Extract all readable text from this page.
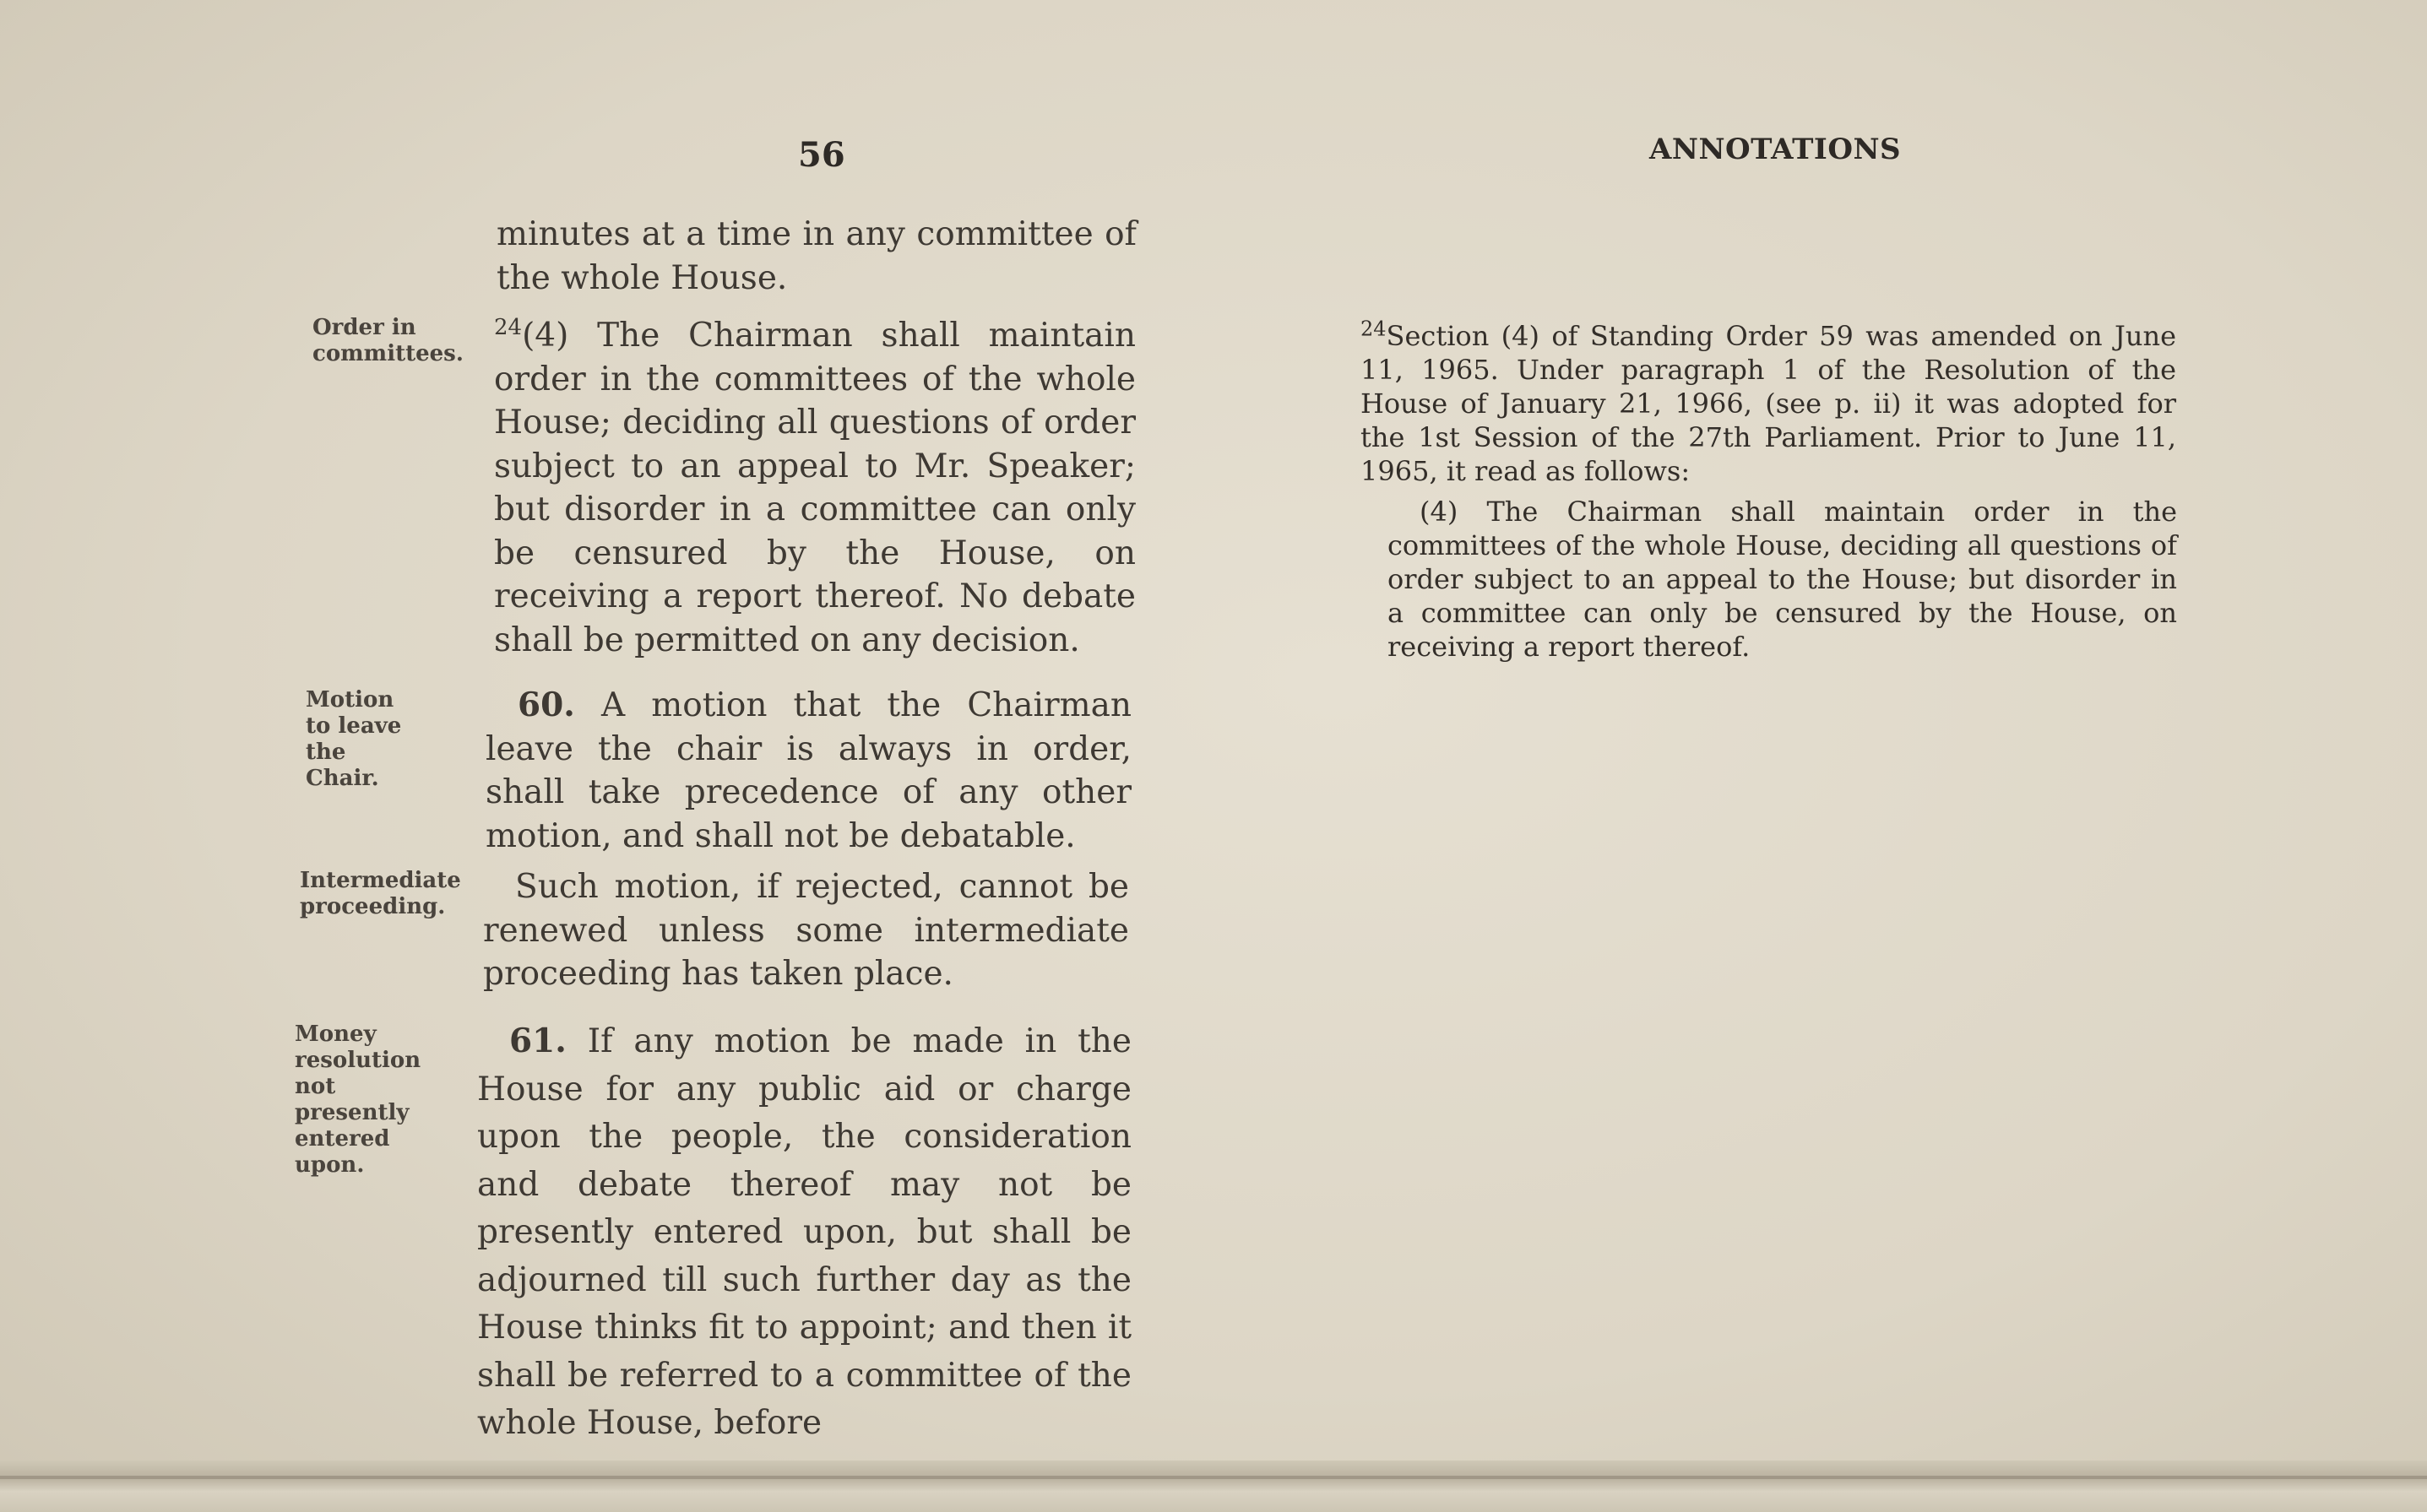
56	ANNOTATIONS
Order in committees.
Motion to leave the Chair.
Intermediate proceeding.
Money resolution not presently entered upon.

minutes at a time in any committee of the whole House.

$^{24}$(4) The Chairman shall maintain order in the committees of the whole House; deciding all questions of order subject to an appeal to Mr. Speaker; but disorder in a committee can only be censured by the House, on receiving a report thereof. No debate shall be permitted on any decision.

60. A motion that the Chairman leave the chair is always in order, shall take precedence of any other motion, and shall not be debatable.

Such motion, if rejected, cannot be renewed unless some intermediate proceeding has taken place.

61. If any motion be made in the House for any public aid or charge upon the people, the consideration and debate thereof may not be presently entered upon, but shall be adjourned till such further day as the House thinks fit to appoint; and then it shall be referred to a committee of the whole House, before

$^{24}$Section (4) of Standing Order 59 was amended on June 11, 1965. Under paragraph 1 of the Resolution of the House of January 21, 1966, (see p. ii) it was adopted for the 1st Session of the 27th Parliament. Prior to June 11, 1965, it read as follows:
(4) The Chairman shall maintain order in the committees of the whole House, deciding all questions of order subject to an appeal to the House; but disorder in a committee can only be censured by the House, on receiving a report thereof.
